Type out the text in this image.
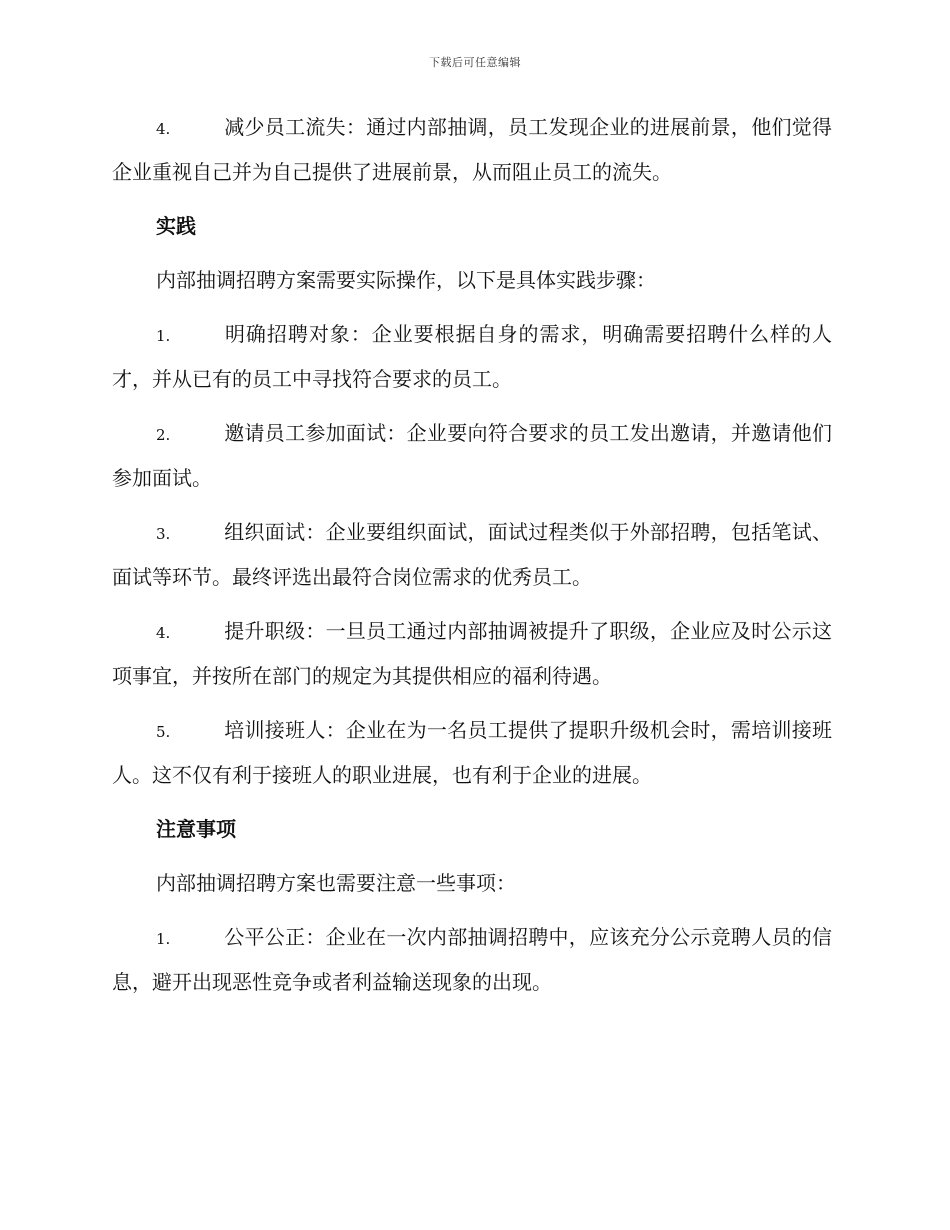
下载后可任意编辑

4.	减少员工流失：通过内部抽调，员工发现企业的进展前景，他们觉得企业重视自己并为自己提供了进展前景，从而阻止员工的流失。

实践

内部抽调招聘方案需要实际操作，以下是具体实践步骤：

1.	明确招聘对象：企业要根据自身的需求，明确需要招聘什么样的人才，并从已有的员工中寻找符合要求的员工。

2.	邀请员工参加面试：企业要向符合要求的员工发出邀请，并邀请他们参加面试。

3.	组织面试：企业要组织面试，面试过程类似于外部招聘，包括笔试、面试等环节。最终评选出最符合岗位需求的优秀员工。

4.	提升职级：一旦员工通过内部抽调被提升了职级，企业应及时公示这项事宜，并按所在部门的规定为其提供相应的福利待遇。

5.	培训接班人：企业在为一名员工提供了提职升级机会时，需培训接班人。这不仅有利于接班人的职业进展，也有利于企业的进展。

注意事项

内部抽调招聘方案也需要注意一些事项：

1.	公平公正：企业在一次内部抽调招聘中，应该充分公示竞聘人员的信息，避开出现恶性竞争或者利益输送现象的出现。
